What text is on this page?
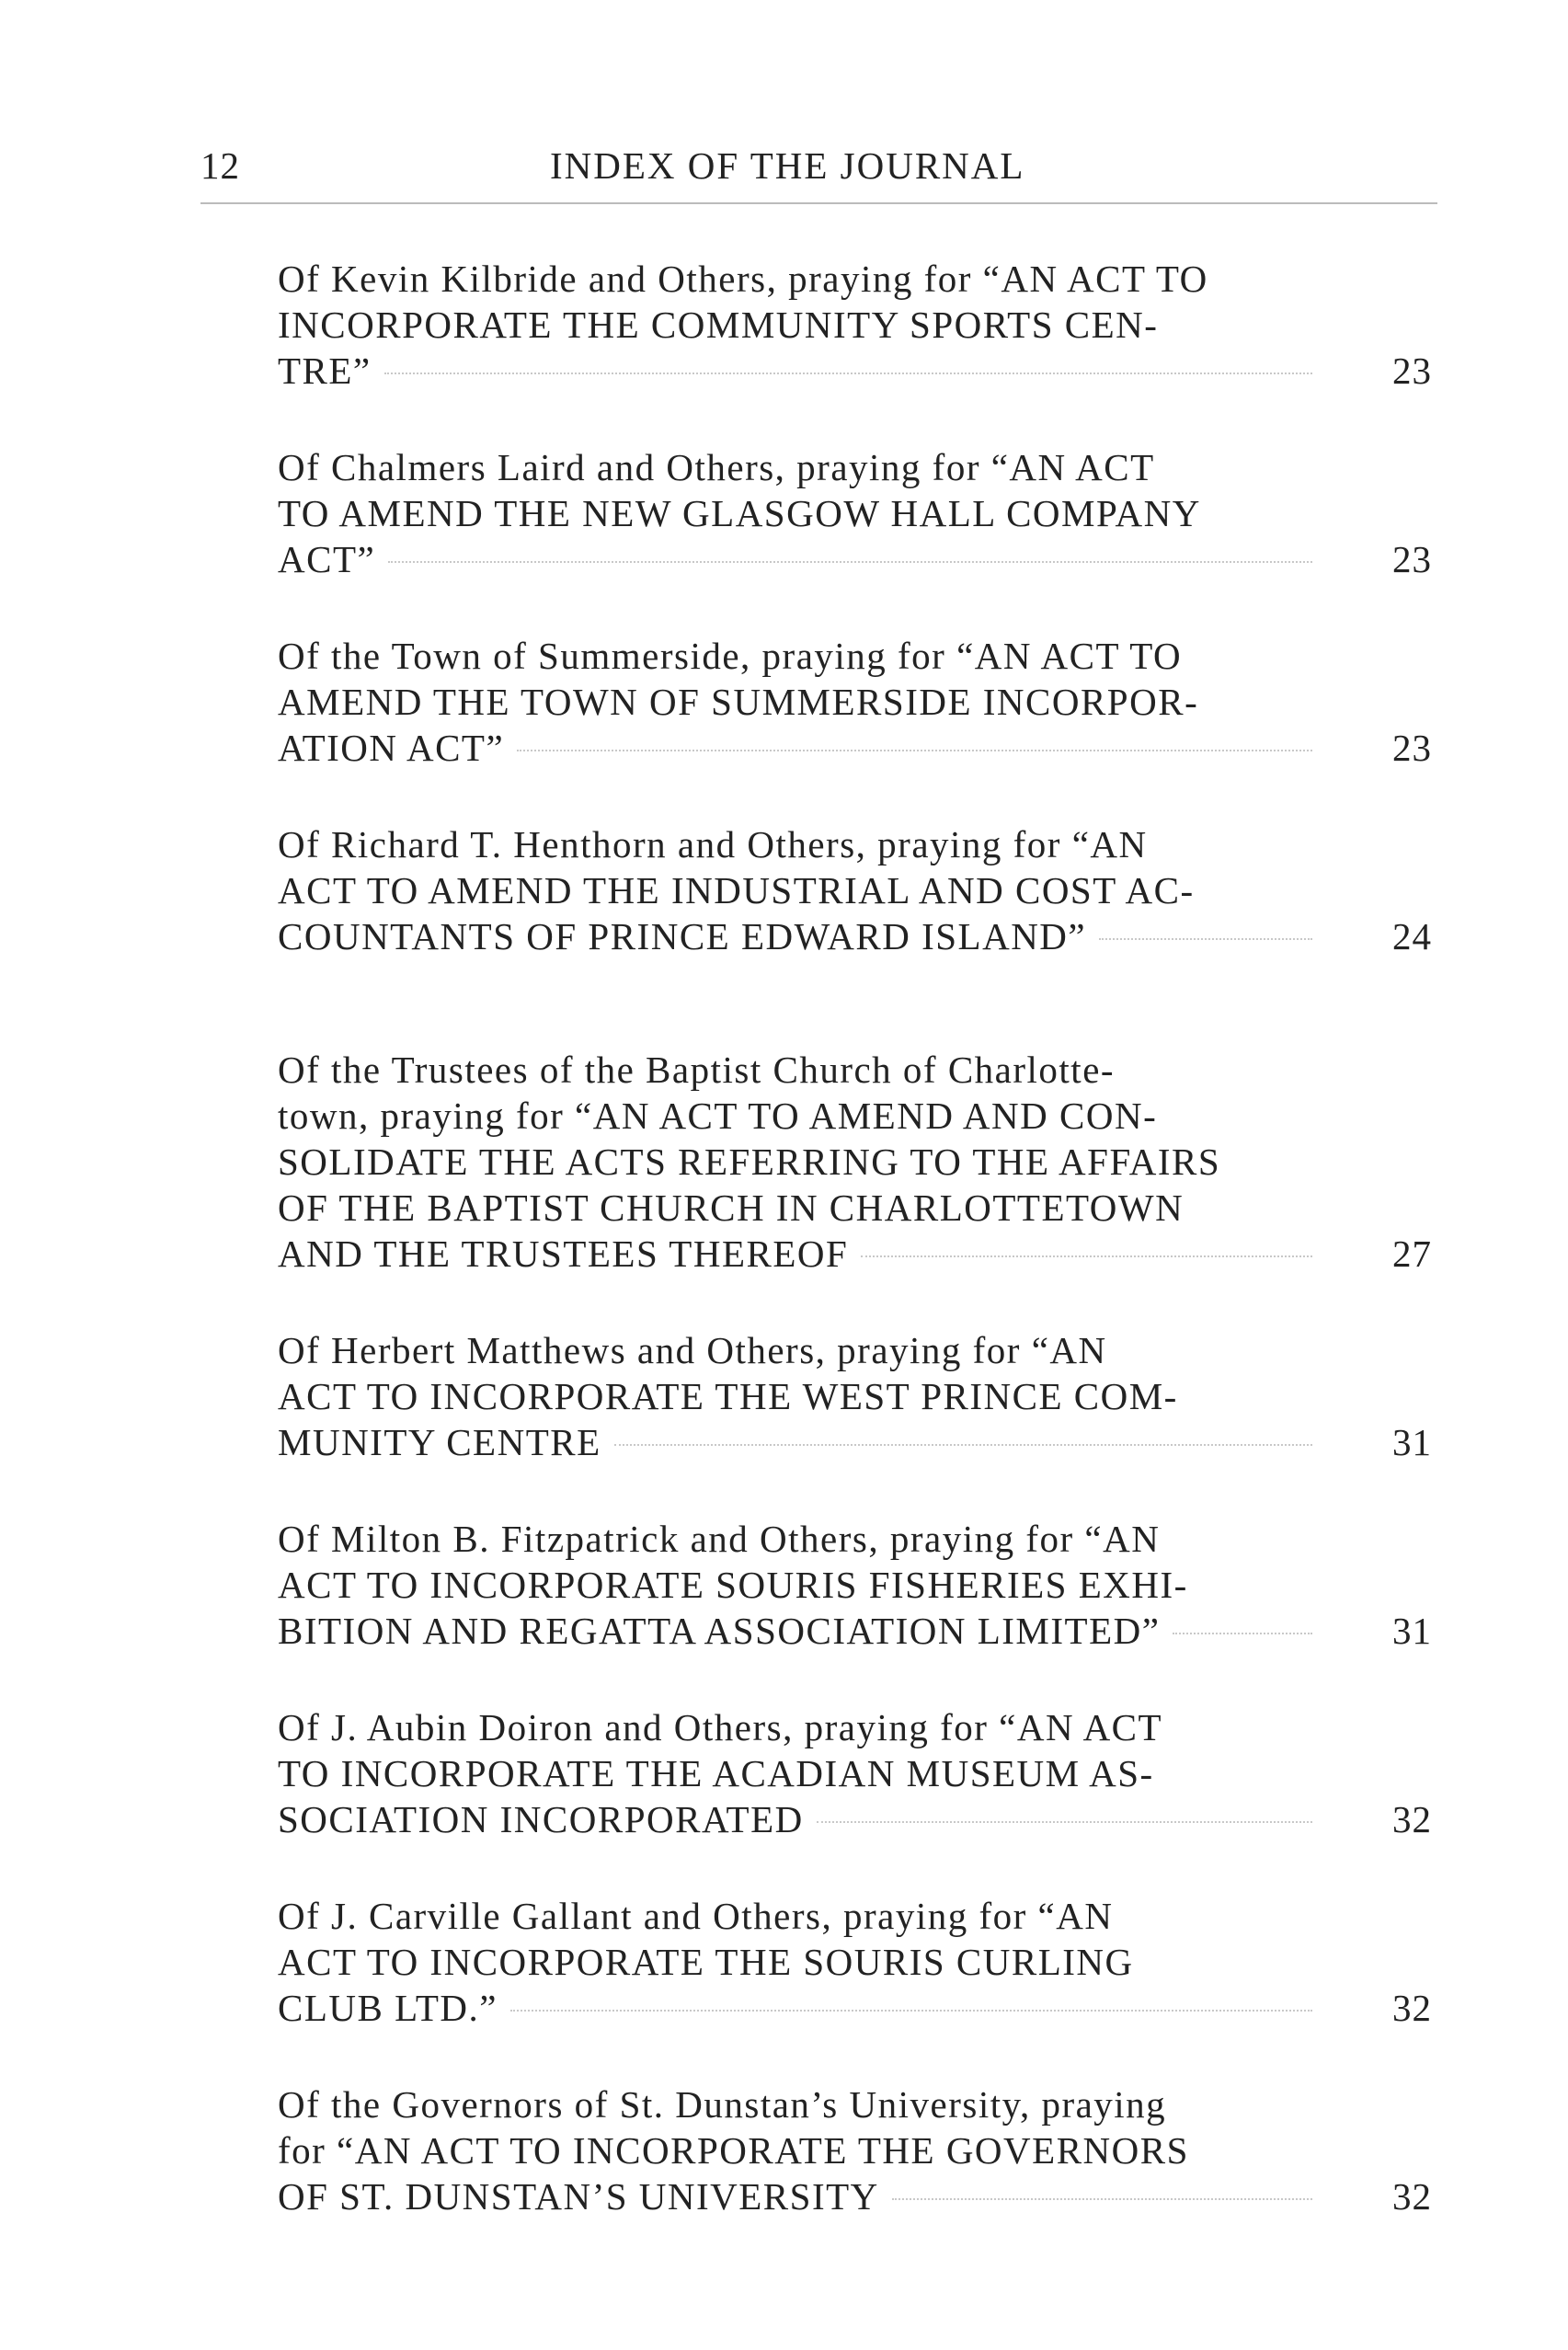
12	INDEX OF THE JOURNAL
Of Kevin Kilbride and Others, praying for “AN ACT TO
INCORPORATE THE COMMUNITY SPORTS CEN-
TRE”	23
Of Chalmers Laird and Others, praying for “AN ACT
TO AMEND THE NEW GLASGOW HALL COMPANY
ACT”	23
Of the Town of Summerside, praying for “AN ACT TO
AMEND THE TOWN OF SUMMERSIDE INCORPOR-
ATION ACT”	23
Of Richard T. Henthorn and Others, praying for “AN
ACT TO AMEND THE INDUSTRIAL AND COST AC-
COUNTANTS OF PRINCE EDWARD ISLAND”	24
Of the Trustees of the Baptist Church of Charlotte-
town, praying for “AN ACT TO AMEND AND CON-
SOLIDATE THE ACTS REFERRING TO THE AFFAIRS
OF THE BAPTIST CHURCH IN CHARLOTTETOWN
AND THE TRUSTEES THEREOF	27
Of Herbert Matthews and Others, praying for “AN
ACT TO INCORPORATE THE WEST PRINCE COM-
MUNITY CENTRE	31
Of Milton B. Fitzpatrick and Others, praying for “AN
ACT TO INCORPORATE SOURIS FISHERIES EXHI-
BITION AND REGATTA ASSOCIATION LIMITED”	31
Of J. Aubin Doiron and Others, praying for “AN ACT
TO INCORPORATE THE ACADIAN MUSEUM AS-
SOCIATION INCORPORATED	32
Of J. Carville Gallant and Others, praying for “AN
ACT TO INCORPORATE THE SOURIS CURLING
CLUB LTD.”	32
Of the Governors of St. Dunstan’s University, praying
for “AN ACT TO INCORPORATE THE GOVERNORS
OF ST. DUNSTAN’S UNIVERSITY	32
